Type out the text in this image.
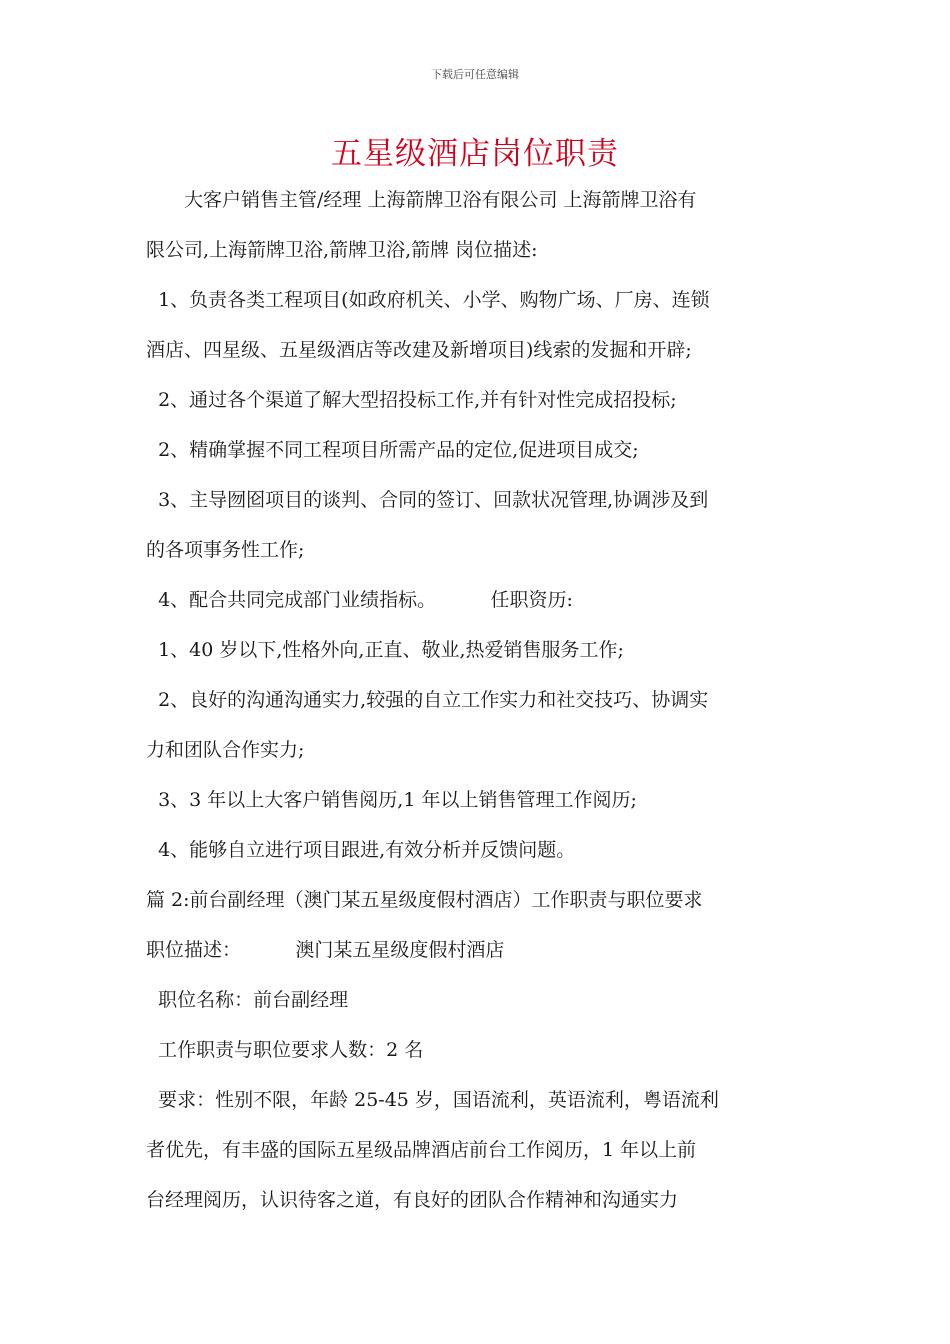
下载后可任意编辑
五星级酒店岗位职责
　　大客户销售主管/经理 上海箭牌卫浴有限公司 上海箭牌卫浴有
限公司,上海箭牌卫浴,箭牌卫浴,箭牌 岗位描述:
1、负责各类工程项目(如政府机关、小学、购物广场、厂房、连锁
酒店、四星级、五星级酒店等改建及新增项目)线索的发掘和开辟;
2、通过各个渠道了解大型招投标工作,并有针对性完成招投标;
2、精确掌握不同工程项目所需产品的定位,促进项目成交;
3、主导囫囵项目的谈判、合同的签订、回款状况管理,协调涉及到
的各项事务性工作;
4、配合共同完成部门业绩指标。         任职资历:
1、40 岁以下,性格外向,正直、敬业,热爱销售服务工作;
2、良好的沟通沟通实力,较强的自立工作实力和社交技巧、协调实
力和团队合作实力;
3、3 年以上大客户销售阅历,1 年以上销售管理工作阅历;
4、能够自立进行项目跟进,有效分析并反馈问题。
篇 2:前台副经理（澳门某五星级度假村酒店）工作职责与职位要求
职位描述：         澳门某五星级度假村酒店
职位名称：前台副经理
工作职责与职位要求人数：2 名
要求：性别不限，年龄 25-45 岁，国语流利，英语流利，粤语流利
者优先，有丰盛的国际五星级品牌酒店前台工作阅历，1 年以上前
台经理阅历，认识待客之道，有良好的团队合作精神和沟通实力
